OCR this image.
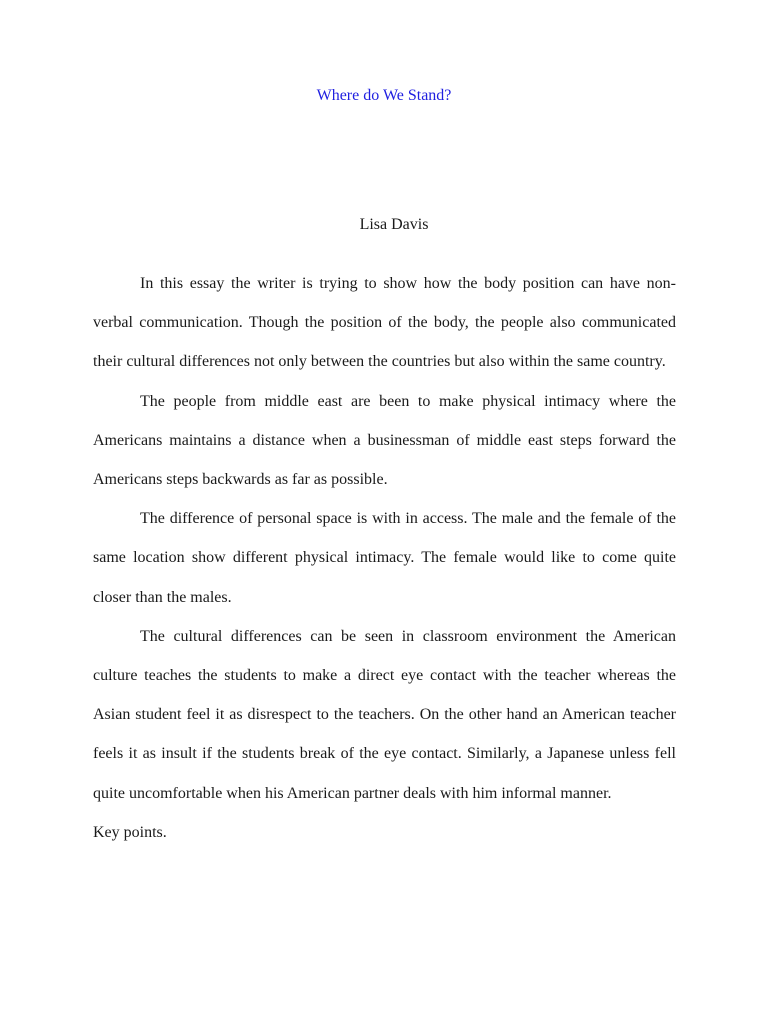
Where do We Stand?

Lisa Davis

In this essay the writer is trying to show how the body position can have non- verbal communication. Though the position of the body, the people also communicated their cultural differences not only between the countries but also within the same country.

The people from middle east are been to make physical intimacy where the Americans maintains a distance when a businessman of middle east steps forward the Americans steps backwards as far as possible.

The difference of personal space is with in access. The male and the female of the same location show different physical intimacy. The female would like to come quite closer than the males.

The cultural differences can be seen in classroom environment the American culture teaches the students to make a direct eye contact with the teacher whereas the Asian student feel it as disrespect to the teachers. On the other hand an American teacher feels it as insult if the students break of the eye contact. Similarly, a Japanese unless fell quite uncomfortable when his American partner deals with him informal manner.

Key points.
